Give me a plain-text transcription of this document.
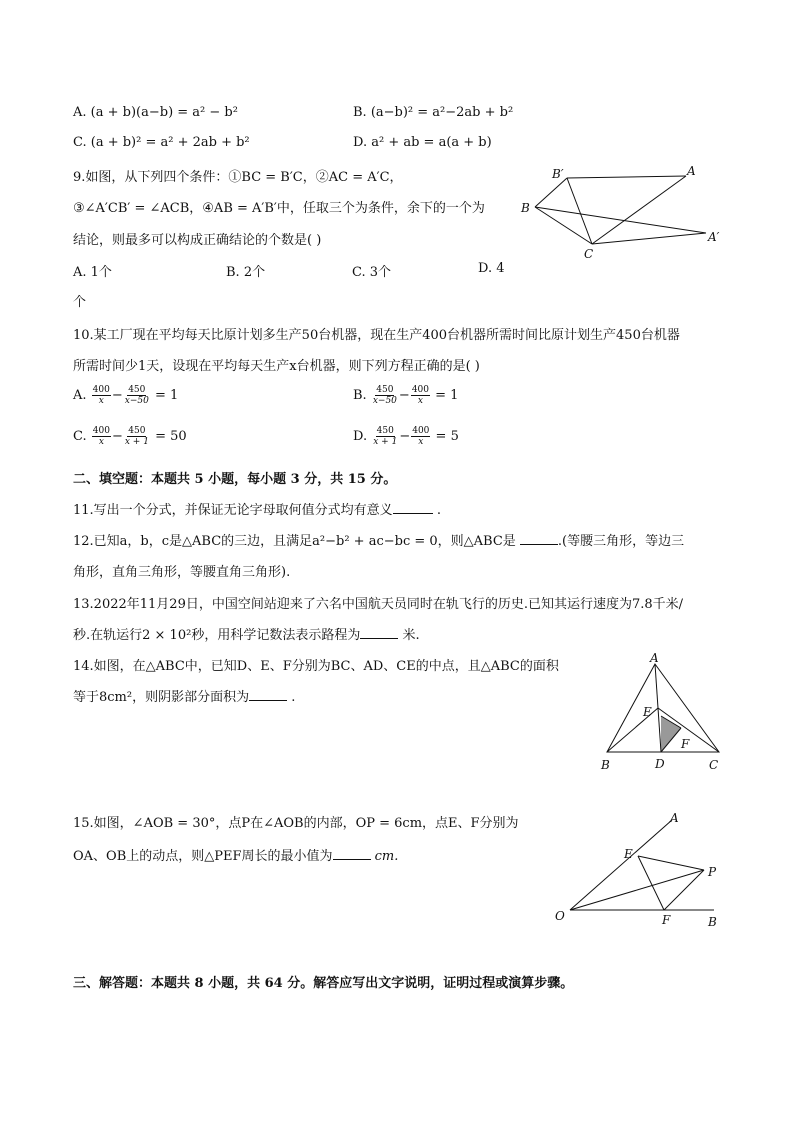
A. (a + b)(a−b) = a² − b²	B. (a−b)² = a²−2ab + b²
C. (a + b)² = a² + 2ab + b²	D. a² + ab = a(a + b)
9.如图，从下列四个条件：①BC = B′C，②AC = A′C，
③∠A′CB′ = ∠ACB，④AB = A′B′中，任取三个为条件，余下的一个为
结论，则最多可以构成正确结论的个数是( )
A. 1个	B. 2个	C. 3个	D. 4
个
B′	A
B
A′
C
10.某工厂现在平均每天比原计划多生产50台机器，现在生产400台机器所需时间比原计划生产450台机器
所需时间少1天，设现在平均每天生产x台机器，则下列方程正确的是( )
A. $\frac{400}{x} - \frac{450}{x-50} = 1$	B. $\frac{450}{x-50} - \frac{400}{x} = 1$
C. $\frac{400}{x} - \frac{450}{x + 1} = 50$	D. $\frac{450}{x + 1} - \frac{400}{x} = 5$
二、填空题：本题共 5 小题，每小题 3 分，共 15 分。
11.写出一个分式，并保证无论字母取何值分式均有意义	.
12.已知a，b，c是△ABC的三边，且满足a²−b² + ac−bc = 0，则△ABC是	.(等腰三角形，等边三
角形，直角三角形，等腰直角三角形).
13.2022年11月29日，中国空间站迎来了六名中国航天员同时在轨飞行的历史.已知其运行速度为7.8千米/
秒.在轨运行2 × 10²秒，用科学记数法表示路程为	米.
14.如图，在△ABC中，已知D、E、F分别为BC、AD、CE的中点，且△ABC的面积
等于8cm²，则阴影部分面积为	.
A
E
F
B	D	C
15.如图，∠AOB = 30°，点P在∠AOB的内部，OP = 6cm，点E、F分别为
OA、OB上的动点，则△PEF周长的最小值为	cm.
A
E
P
O	F	B
三、解答题：本题共 8 小题，共 64 分。解答应写出文字说明，证明过程或演算步骤。
